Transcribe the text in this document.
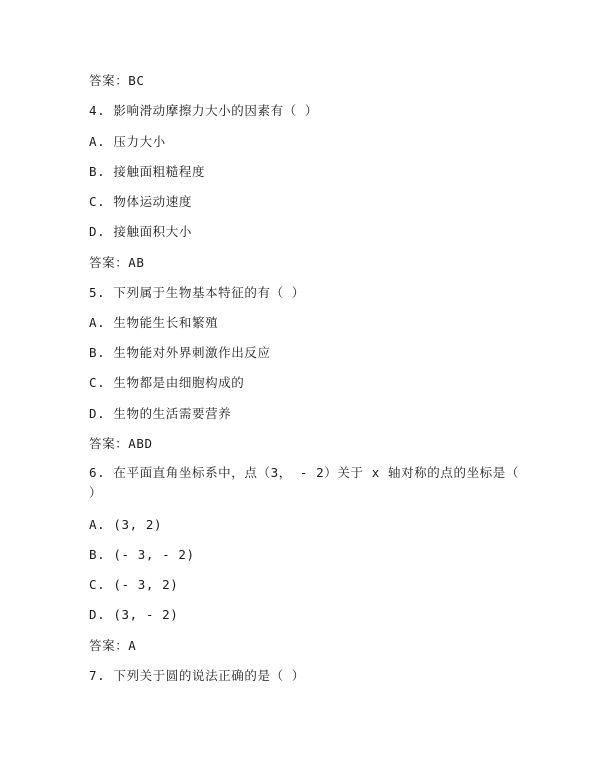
答案：BC
4. 影响滑动摩擦力大小的因素有（ ）
A. 压力大小
B. 接触面粗糙程度
C. 物体运动速度
D. 接触面积大小
答案：AB
5. 下列属于生物基本特征的有（ ）
A. 生物能生长和繁殖
B. 生物能对外界刺激作出反应
C. 生物都是由细胞构成的
D. 生物的生活需要营养
答案：ABD
6. 在平面直角坐标系中，点（3， - 2）关于 x 轴对称的点的坐标是（ ）
A. (3, 2)
B. (- 3, - 2)
C. (- 3, 2)
D. (3, - 2)
答案：A
7. 下列关于圆的说法正确的是（ ）
